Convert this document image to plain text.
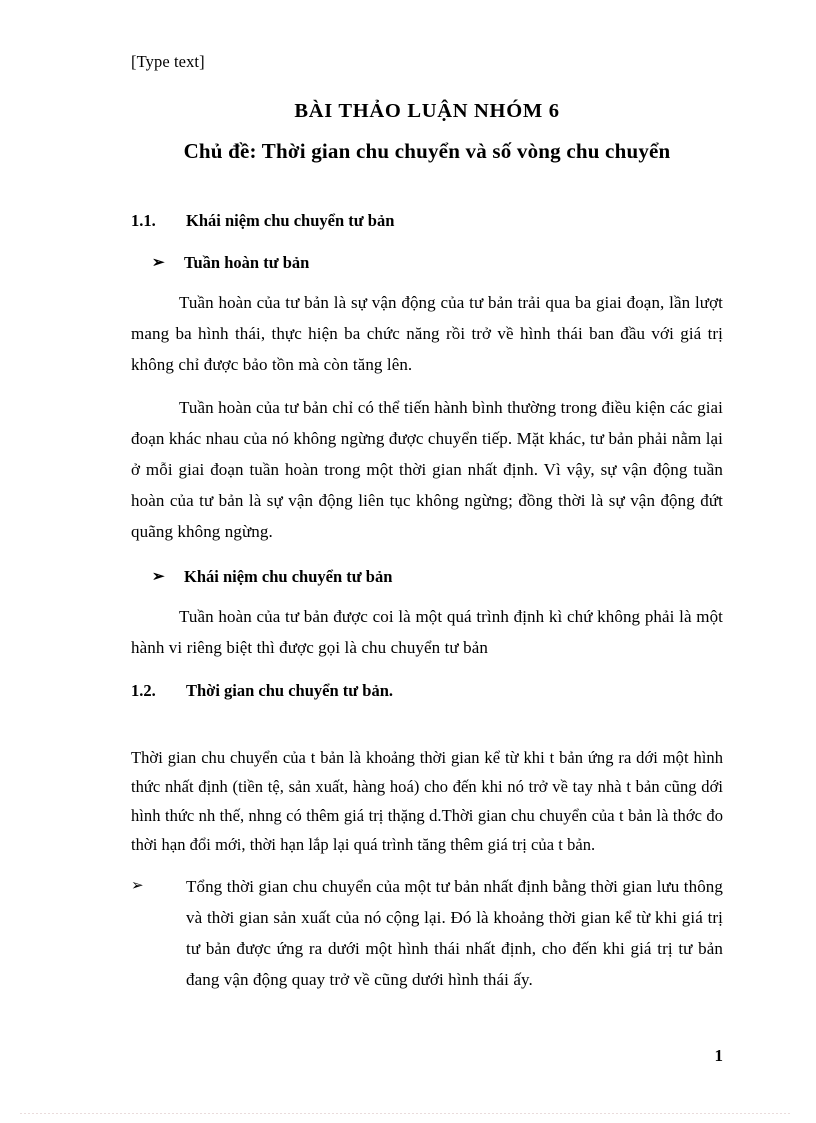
[Type text]
BÀI THẢO LUẬN NHÓM 6
Chủ đề: Thời gian chu chuyển và số vòng chu chuyển
1.1.	Khái niệm chu chuyển tư bản
➢	Tuần hoàn tư bản

Tuần hoàn của tư bản là sự vận động của tư bản trải qua ba giai đoạn, lần lượt mang ba hình thái, thực hiện ba chức năng rồi trở về hình thái ban đầu với giá trị không chỉ được bảo tồn mà còn tăng lên.

Tuần hoàn của tư bản chỉ có thể tiến hành bình thường trong điều kiện các giai đoạn khác nhau của nó không ngừng được chuyển tiếp. Mặt khác, tư bản phải nằm lại ở mỗi giai đoạn tuần hoàn trong một thời gian nhất định. Vì vậy, sự vận động tuần hoàn của tư bản là sự vận động liên tục không ngừng; đồng thời là sự vận động đứt quãng không ngừng.

➢	Khái niệm chu chuyển tư bản

Tuần hoàn của tư bản được coi là một quá trình định kì chứ không phải là một hành vi riêng biệt thì được gọi là chu chuyển tư bản

1.2.	Thời gian chu chuyển tư bản.

Thời gian chu chuyển của t bản là khoảng thời gian kể từ khi t bản ứng ra dới một hình thức nhất định (tiền tệ, sản xuất, hàng hoá) cho đến khi nó trở về tay nhà t bản cũng dới hình thức nh thế, nhng có thêm giá trị thặng d.Thời gian chu chuyển của t bản là thớc đo thời hạn đổi mới, thời hạn lắp lại quá trình tăng thêm giá trị của t bản.

➢	Tổng thời gian chu chuyển của một tư bản nhất định bằng thời gian lưu thông và thời gian sản xuất của nó cộng lại. Đó là khoảng thời gian kể từ khi giá trị tư bản được ứng ra dưới một hình thái nhất định, cho đến khi giá trị tư bản đang vận động quay trở về cũng dưới hình thái ấy.
1
